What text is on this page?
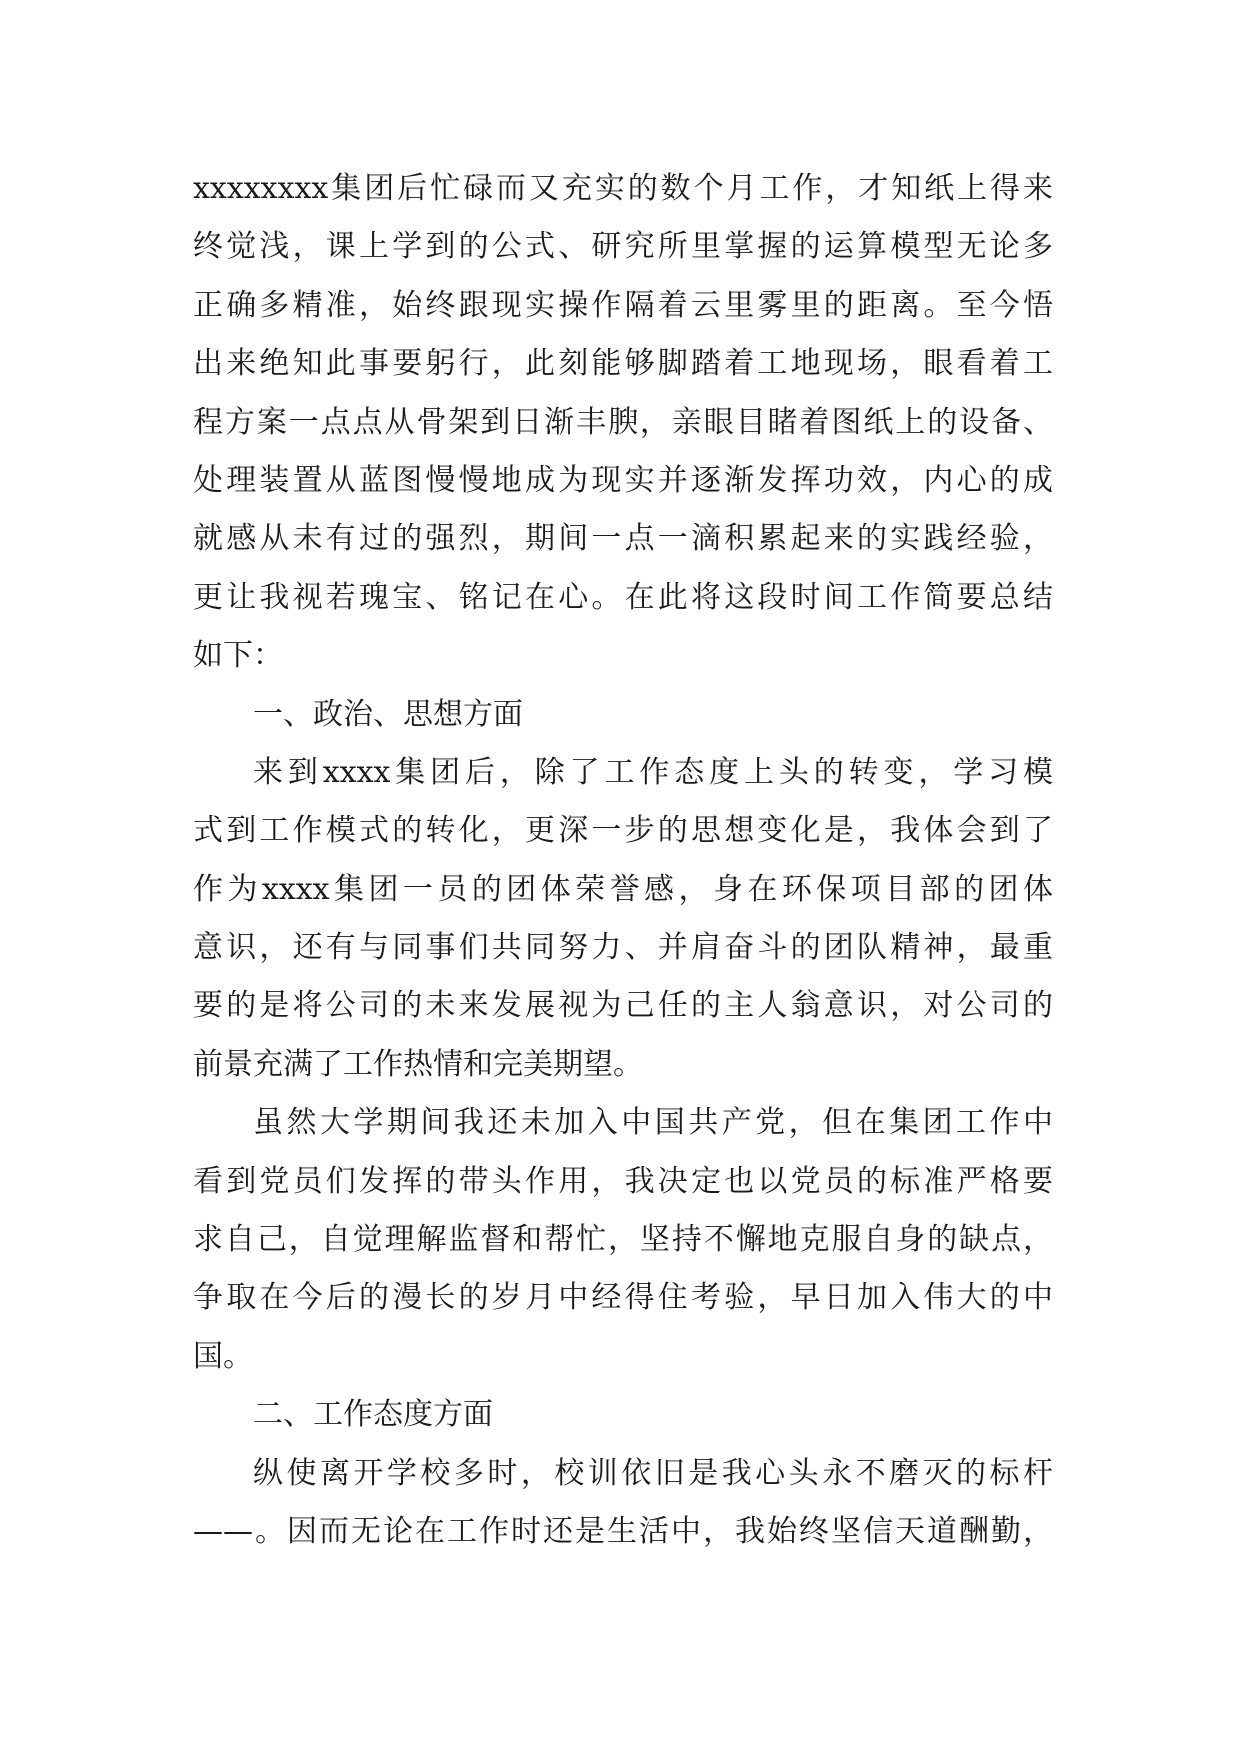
xxxxxxxx集团后忙碌而又充实的数个月工作，才知纸上得来
终觉浅，课上学到的公式、研究所里掌握的运算模型无论多
正确多精准，始终跟现实操作隔着云里雾里的距离。至今悟
出来绝知此事要躬行，此刻能够脚踏着工地现场，眼看着工
程方案一点点从骨架到日渐丰腴，亲眼目睹着图纸上的设备、
处理装置从蓝图慢慢地成为现实并逐渐发挥功效，内心的成
就感从未有过的强烈，期间一点一滴积累起来的实践经验，
更让我视若瑰宝、铭记在心。在此将这段时间工作简要总结
如下：
一、政治、思想方面
来到xxxx集团后，除了工作态度上头的转变，学习模
式到工作模式的转化，更深一步的思想变化是，我体会到了
作为xxxx集团一员的团体荣誉感，身在环保项目部的团体
意识，还有与同事们共同努力、并肩奋斗的团队精神，最重
要的是将公司的未来发展视为己任的主人翁意识，对公司的
前景充满了工作热情和完美期望。
虽然大学期间我还未加入中国共产党，但在集团工作中
看到党员们发挥的带头作用，我决定也以党员的标准严格要
求自己，自觉理解监督和帮忙，坚持不懈地克服自身的缺点，
争取在今后的漫长的岁月中经得住考验，早日加入伟大的中
国。
二、工作态度方面
纵使离开学校多时，校训依旧是我心头永不磨灭的标杆
——。因而无论在工作时还是生活中，我始终坚信天道酬勤，
